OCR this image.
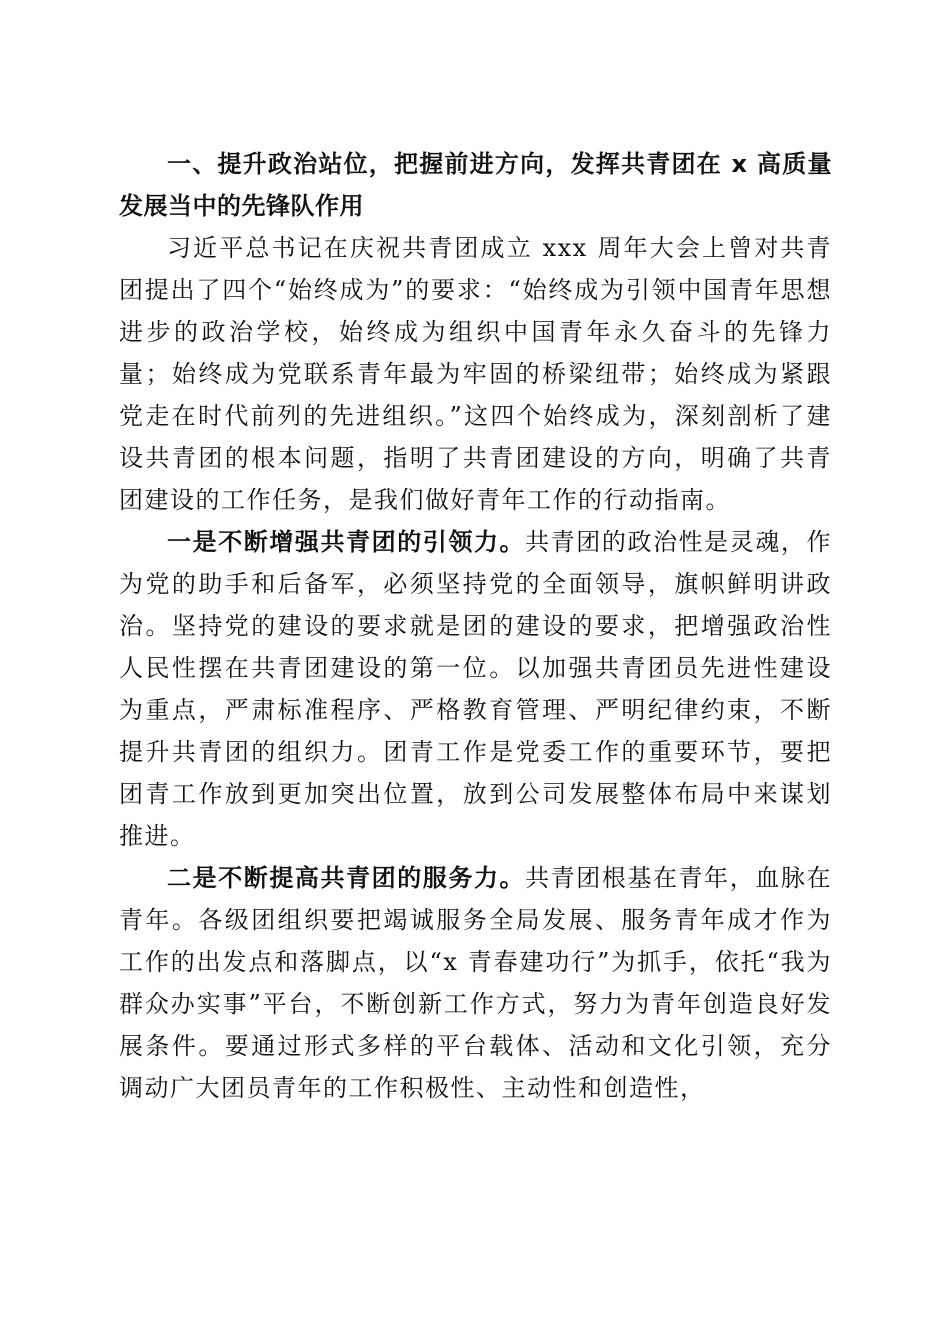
一、提升政治站位，把握前进方向，发挥共青团在 x 高质量发展当中的先锋队作用

习近平总书记在庆祝共青团成立 xxx 周年大会上曾对共青团提出了四个“始终成为”的要求：“始终成为引领中国青年思想进步的政治学校，始终成为组织中国青年永久奋斗的先锋力量；始终成为党联系青年最为牢固的桥梁纽带；始终成为紧跟党走在时代前列的先进组织。”这四个始终成为，深刻剖析了建设共青团的根本问题，指明了共青团建设的方向，明确了共青团建设的工作任务，是我们做好青年工作的行动指南。

一是不断增强共青团的引领力。共青团的政治性是灵魂，作为党的助手和后备军，必须坚持党的全面领导，旗帜鲜明讲政治。坚持党的建设的要求就是团的建设的要求，把增强政治性人民性摆在共青团建设的第一位。以加强共青团员先进性建设为重点，严肃标准程序、严格教育管理、严明纪律约束，不断提升共青团的组织力。团青工作是党委工作的重要环节，要把团青工作放到更加突出位置，放到公司发展整体布局中来谋划推进。

二是不断提高共青团的服务力。共青团根基在青年，血脉在青年。各级团组织要把竭诚服务全局发展、服务青年成才作为工作的出发点和落脚点，以“x 青春建功行”为抓手，依托“我为群众办实事”平台，不断创新工作方式，努力为青年创造良好发展条件。要通过形式多样的平台载体、活动和文化引领，充分调动广大团员青年的工作积极性、主动性和创造性，
